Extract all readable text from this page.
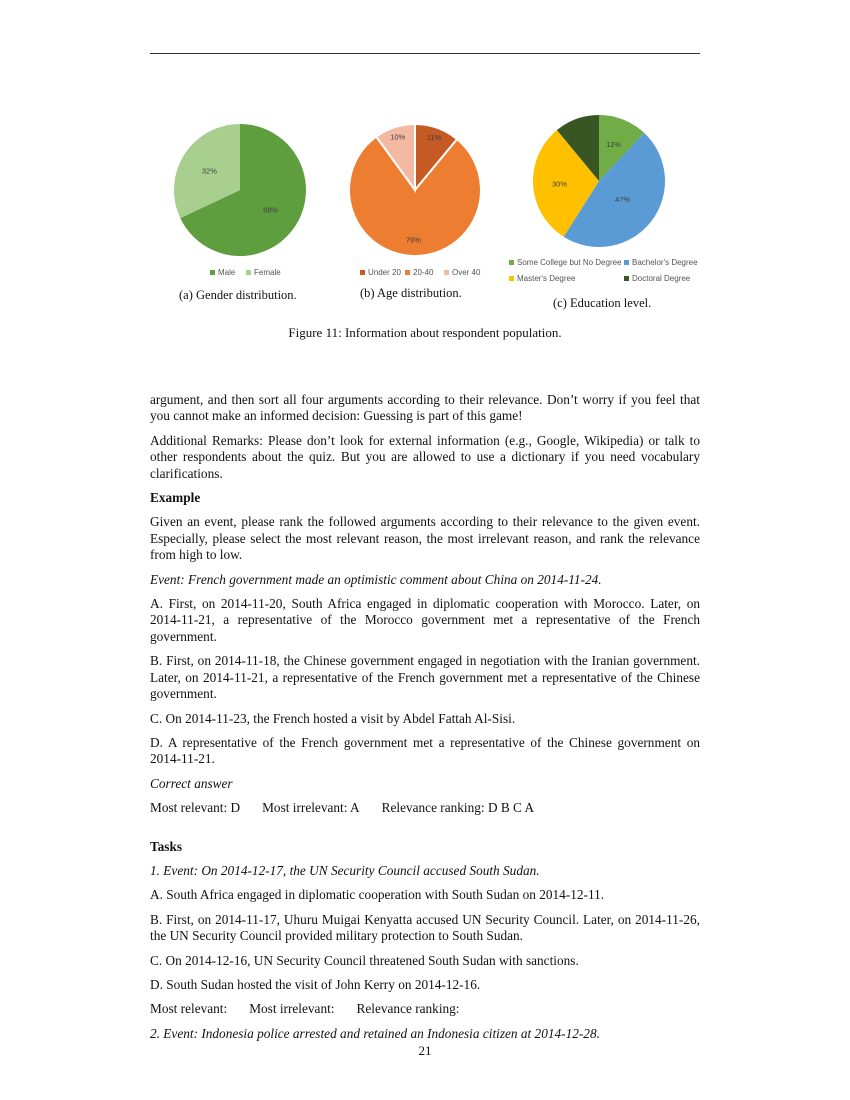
68%
32%
Male Female
11%
79%
10%
Under 20 20-40 Over 40
12%
47%
30%
Some College but No Degree Bachelor's Degree
Master's Degree	Doctoral Degree
(a) Gender distribution.	(b) Age distribution.
(c) Education level.
Figure 11: Information about respondent population.

argument, and then sort all four arguments according to their relevance. Don’t worry if you feel that you cannot make an informed decision: Guessing is part of this game!

Additional Remarks: Please don’t look for external information (e.g., Google, Wikipedia) or talk to other respondents about the quiz. But you are allowed to use a dictionary if you need vocabulary clarifications.

Example

Given an event, please rank the followed arguments according to their relevance to the given event. Especially, please select the most relevant reason, the most irrelevant reason, and rank the relevance from high to low.

Event: French government made an optimistic comment about China on 2014-11-24.

A. First, on 2014-11-20, South Africa engaged in diplomatic cooperation with Morocco. Later, on 2014-11-21, a representative of the Morocco government met a representative of the French government.

B. First, on 2014-11-18, the Chinese government engaged in negotiation with the Iranian government. Later, on 2014-11-21, a representative of the French government met a representative of the Chinese government.

C. On 2014-11-23, the French hosted a visit by Abdel Fattah Al-Sisi.

D. A representative of the French government met a representative of the Chinese government on 2014-11-21.

Correct answer

Most relevant: D Most irrelevant: A Relevance ranking: D B C A

Tasks

1. Event: On 2014-12-17, the UN Security Council accused South Sudan.

A. South Africa engaged in diplomatic cooperation with South Sudan on 2014-12-11.

B. First, on 2014-11-17, Uhuru Muigai Kenyatta accused UN Security Council. Later, on 2014-11-26, the UN Security Council provided military protection to South Sudan.

C. On 2014-12-16, UN Security Council threatened South Sudan with sanctions.

D. South Sudan hosted the visit of John Kerry on 2014-12-16.

Most relevant: Most irrelevant: Relevance ranking:

2. Event: Indonesia police arrested and retained an Indonesia citizen at 2014-12-28.

21
